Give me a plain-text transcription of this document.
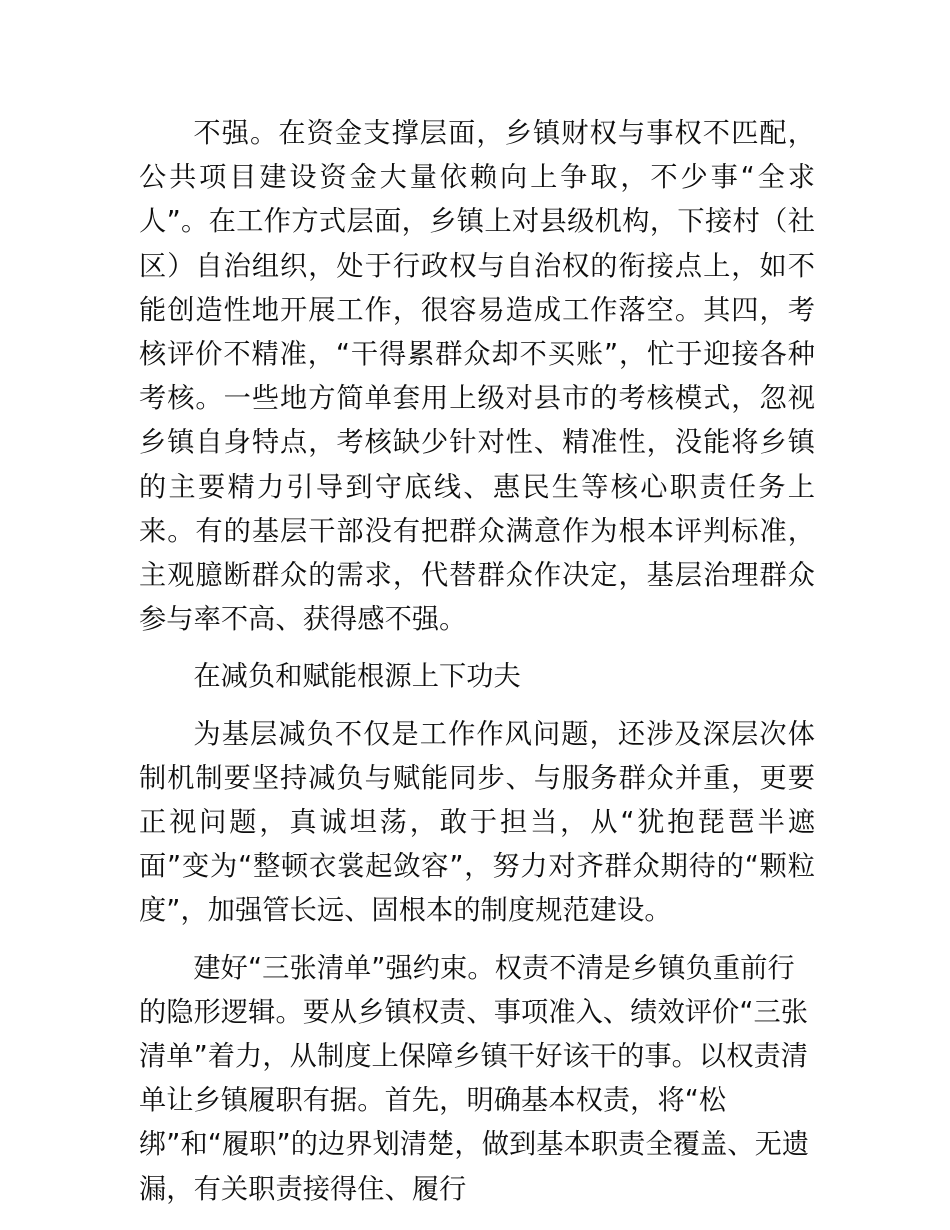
不强。在资金支撑层面，乡镇财权与事权不匹配，公共项目建设资金大量依赖向上争取，不少事“全求人”。在工作方式层面，乡镇上对县级机构，下接村（社区）自治组织，处于行政权与自治权的衔接点上，如不能创造性地开展工作，很容易造成工作落空。其四，考核评价不精准，“干得累群众却不买账”，忙于迎接各种考核。一些地方简单套用上级对县市的考核模式，忽视乡镇自身特点，考核缺少针对性、精准性，没能将乡镇的主要精力引导到守底线、惠民生等核心职责任务上来。有的基层干部没有把群众满意作为根本评判标准，主观臆断群众的需求，代替群众作决定，基层治理群众参与率不高、获得感不强。

在减负和赋能根源上下功夫

为基层减负不仅是工作作风问题，还涉及深层次体制机制要坚持减负与赋能同步、与服务群众并重，更要正视问题，真诚坦荡，敢于担当，从“犹抱琵琶半遮面”变为“整顿衣裳起敛容”，努力对齐群众期待的“颗粒度”，加强管长远、固根本的制度规范建设。

建好“三张清单”强约束。权责不清是乡镇负重前行的隐形逻辑。要从乡镇权责、事项准入、绩效评价“三张清单”着力，从制度上保障乡镇干好该干的事。以权责清单让乡镇履职有据。首先，明确基本权责，将“松绑”和“履职”的边界划清楚，做到基本职责全覆盖、无遗漏，有关职责接得住、履行
